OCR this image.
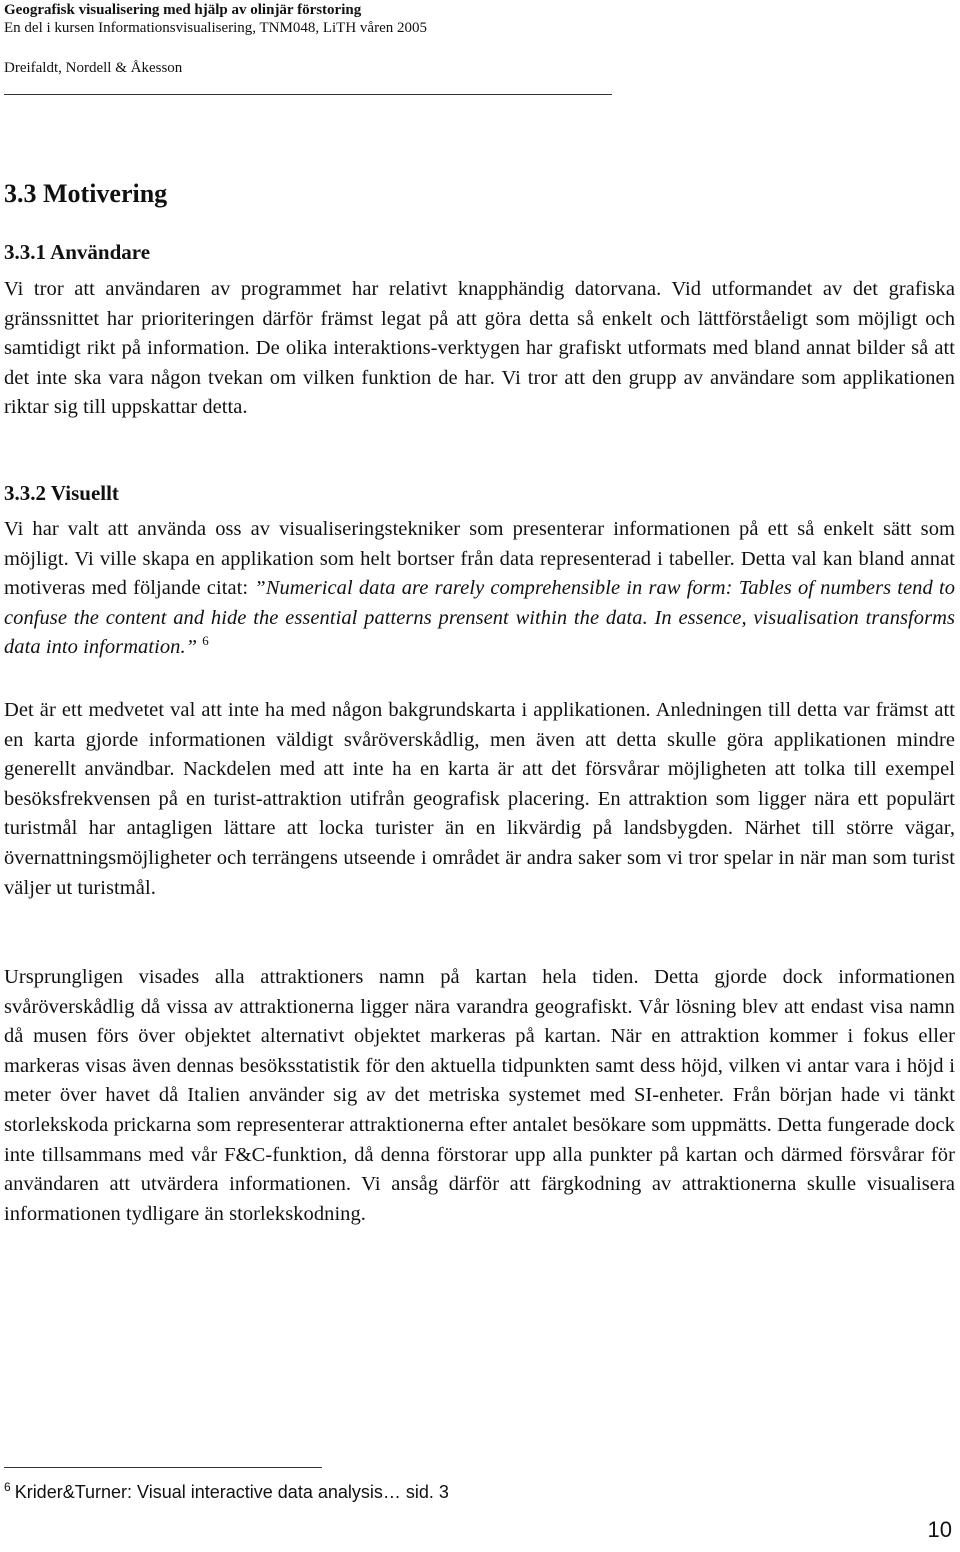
Geografisk visualisering med hjälp av olinjär förstoring
En del i kursen Informationsvisualisering, TNM048, LiTH våren 2005
Dreifaldt, Nordell & Åkesson
3.3 Motivering
3.3.1 Användare

Vi tror att användaren av programmet har relativt knapphändig datorvana. Vid utformandet av det grafiska gränssnittet har prioriteringen därför främst legat på att göra detta så enkelt och lättförståeligt som möjligt och samtidigt rikt på information. De olika interaktions-verktygen har grafiskt utformats med bland annat bilder så att det inte ska vara någon tvekan om vilken funktion de har. Vi tror att den grupp av användare som applikationen riktar sig till uppskattar detta.

3.3.2 Visuellt

Vi har valt att använda oss av visualiseringstekniker som presenterar informationen på ett så enkelt sätt som möjligt. Vi ville skapa en applikation som helt bortser från data representerad i tabeller. Detta val kan bland annat motiveras med följande citat: ”Numerical data are rarely comprehensible in raw form: Tables of numbers tend to confuse the content and hide the essential patterns prensent within the data. In essence, visualisation transforms data into information.” $^6$

Det är ett medvetet val att inte ha med någon bakgrundskarta i applikationen. Anledningen till detta var främst att en karta gjorde informationen väldigt svåröverskådlig, men även att detta skulle göra applikationen mindre generellt användbar. Nackdelen med att inte ha en karta är att det försvårar möjligheten att tolka till exempel besöksfrekvensen på en turist-attraktion utifrån geografisk placering. En attraktion som ligger nära ett populärt turistmål har antagligen lättare att locka turister än en likvärdig på landsbygden. Närhet till större vägar, övernattningsmöjligheter och terrängens utseende i området är andra saker som vi tror spelar in när man som turist väljer ut turistmål.

Ursprungligen visades alla attraktioners namn på kartan hela tiden. Detta gjorde dock informationen svåröverskådlig då vissa av attraktionerna ligger nära varandra geografiskt. Vår lösning blev att endast visa namn då musen förs över objektet alternativt objektet markeras på kartan. När en attraktion kommer i fokus eller markeras visas även dennas besöksstatistik för den aktuella tidpunkten samt dess höjd, vilken vi antar vara i höjd i meter över havet då Italien använder sig av det metriska systemet med SI-enheter. Från början hade vi tänkt storlekskoda prickarna som representerar attraktionerna efter antalet besökare som uppmätts. Detta fungerade dock inte tillsammans med vår F&C-funktion, då denna förstorar upp alla punkter på kartan och därmed försvårar för användaren att utvärdera informationen. Vi ansåg därför att färgkodning av attraktionerna skulle visualisera informationen tydligare än storlekskodning.

$^6$ Krider&Turner: Visual interactive data analysis… sid. 3
10
